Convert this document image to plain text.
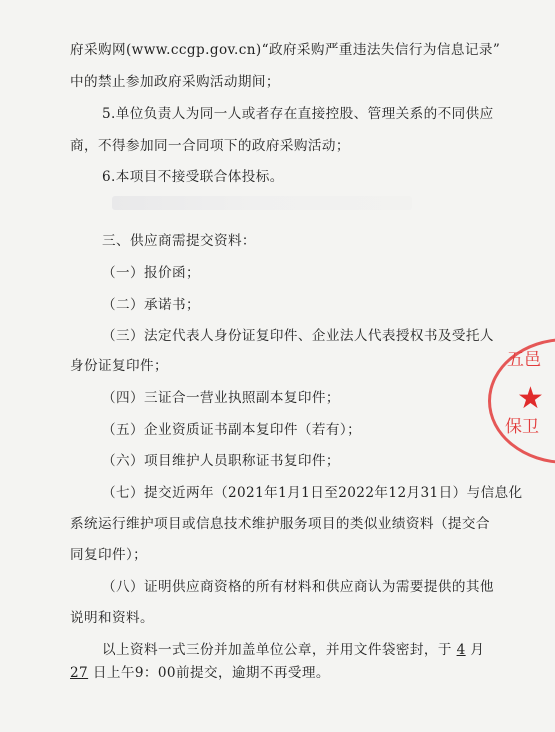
府采购网(www.ccgp.gov.cn)“政府采购严重违法失信行为信息记录”
中的禁止参加政府采购活动期间；
5.单位负责人为同一人或者存在直接控股、管理关系的不同供应
商，不得参加同一合同项下的政府采购活动；
6.本项目不接受联合体投标。
三、供应商需提交资料：
（一）报价函；
（二）承诺书；
（三）法定代表人身份证复印件、企业法人代表授权书及受托人
身份证复印件；
（四）三证合一营业执照副本复印件；
（五）企业资质证书副本复印件（若有）；
（六）项目维护人员职称证书复印件；
（七）提交近两年（2021年1月1日至2022年12月31日）与信息化
系统运行维护项目或信息技术维护服务项目的类似业绩资料（提交合
同复印件）；
（八）证明供应商资格的所有材料和供应商认为需要提供的其他
说明和资料。
以上资料一式三份并加盖单位公章，并用文件袋密封，于 4 月
27 日上午9：00前提交，逾期不再受理。
五邑
★
保卫
